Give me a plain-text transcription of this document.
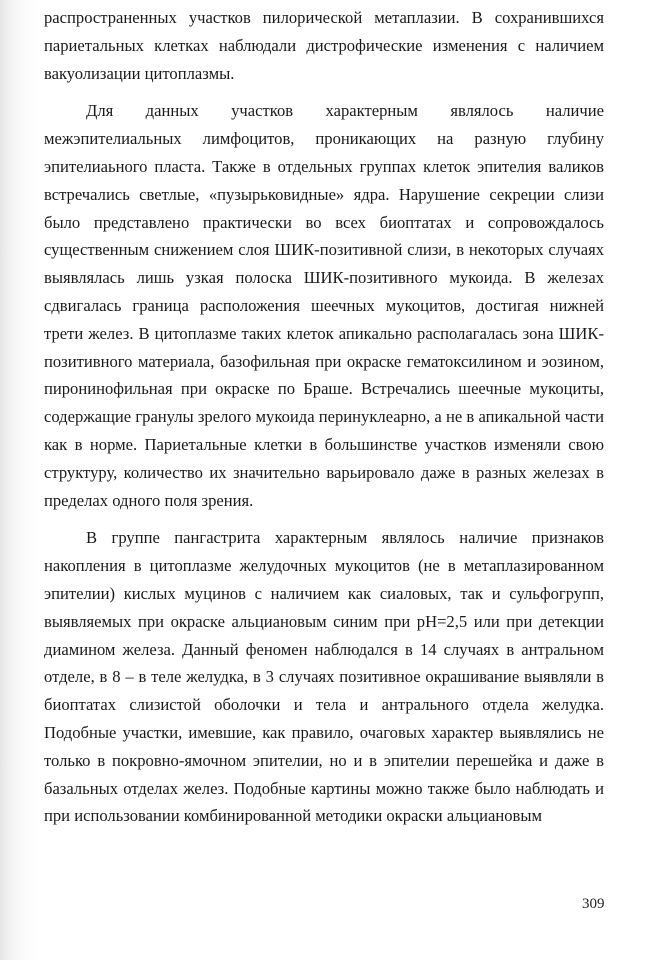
распространенных участков пилорической метаплазии. В сохранившихся париетальных клетках наблюдали дистрофические изменения с наличием вакуолизации цитоплазмы.

Для данных участков характерным являлось наличие межэпителиальных лимфоцитов, проникающих на разную глубину эпителиаьного пласта. Также в отдельных группах клеток эпителия валиков встречались светлые, «пузырьковидные» ядра. Нарушение секреции слизи было представлено практически во всех биоптатах и сопровождалось существенным снижением слоя ШИК-позитивной слизи, в некоторых случаях выявлялась лишь узкая полоска ШИК-позитивного мукоида. В железах сдвигалась граница расположения шеечных мукоцитов, достигая нижней трети желез. В цитоплазме таких клеток апикально располагалась зона ШИК-позитивного материала, базофильная при окраске гематоксилином и эозином, пиронинофильная при окраске по Браше. Встречались шеечные мукоциты, содержащие гранулы зрелого мукоида перинуклеарно, а не в апикальной части как в норме. Париетальные клетки в большинстве участков изменяли свою структуру, количество их значительно варьировало даже в разных железах в пределах одного поля зрения.

В группе пангастрита характерным являлось наличие признаков накопления в цитоплазме желудочных мукоцитов (не в метаплазированном эпителии) кислых муцинов с наличием как сиаловых, так и сульфогрупп, выявляемых при окраске альциановым синим при pH=2,5 или при детекции диамином железа. Данный феномен наблюдался в 14 случаях в антральном отделе, в 8 – в теле желудка, в 3 случаях позитивное окрашивание выявляли в биоптатах слизистой оболочки и тела и антрального отдела желудка. Подобные участки, имевшие, как правило, очаговых характер выявлялись не только в покровно-ямочном эпителии, но и в эпителии перешейка и даже в базальных отделах желез. Подобные картины можно также было наблюдать и при использовании комбинированной методики окраски альциановым

309
